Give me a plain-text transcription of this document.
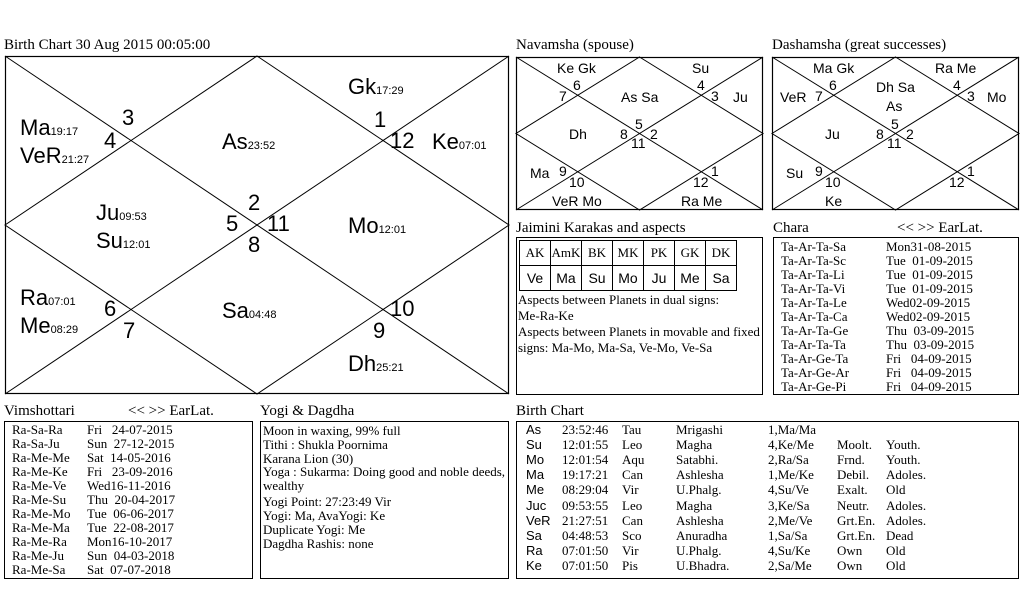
Birth Chart 30 Aug 2015 00:05:00
2
1
12
11
10
9
8
7
6
5
4
3
As23:52
Gk17:29
Ke07:01
Mo12:01
Dh25:21
Sa04:48
Ra07:01
Me08:29
Ju09:53
Su12:01
Ma19:17
VeR21:27
Navamsha (spouse)
Ke Gk	Su
As Sa	Ju
Dh
Ma
VeR Mo	Ra Me
6
7
4
3
5
8 2
11
9
10	12
1
Dashamsha (great successes)
Ma Gk	Ra Me
Dh Sa
As
VeR	Mo
Ju
Su
Ke
6
7
4
3
5
8 2
11
9
10	12
1
Jaimini Karakas and aspects
AK	AmK	BK	MK	PK	GK	DK
Ve	Ma	Su	Mo	Ju	Me	Sa
Aspects between Planets in dual signs:
Me-Ra-Ke
Aspects between Planets in movable and fixed signs: Ma-Mo, Ma-Sa, Ve-Mo, Ve-Sa
Chara	<< >> EarLat.
Ta-Ar-Ta-Sa	Mon31-08-2015
Ta-Ar-Ta-Sc	Tue  01-09-2015
Ta-Ar-Ta-Li	Tue  01-09-2015
Ta-Ar-Ta-Vi	Tue  01-09-2015
Ta-Ar-Ta-Le	Wed02-09-2015
Ta-Ar-Ta-Ca	Wed02-09-2015
Ta-Ar-Ta-Ge	Thu  03-09-2015
Ta-Ar-Ta-Ta	Thu  03-09-2015
Ta-Ar-Ge-Ta	Fri   04-09-2015
Ta-Ar-Ge-Ar	Fri   04-09-2015
Ta-Ar-Ge-Pi	Fri   04-09-2015
Vimshottari	<< >> EarLat.
Ra-Sa-Ra Fri   24-07-2015
Ra-Sa-Ju Sun  27-12-2015
Ra-Me-Me Sat  14-05-2016
Ra-Me-Ke Fri   23-09-2016
Ra-Me-Ve Wed16-11-2016
Ra-Me-Su Thu  20-04-2017
Ra-Me-Mo Tue  06-06-2017
Ra-Me-Ma Tue  22-08-2017
Ra-Me-Ra Mon16-10-2017
Ra-Me-Ju Sun  04-03-2018
Ra-Me-Sa Sat  07-07-2018
Yogi & Dagdha
Moon in waxing, 99% full
Tithi : Shukla Poornima
Karana Lion (30)
Yoga : Sukarma: Doing good and noble deeds, wealthy
Yogi Point: 27:23:49 Vir
Yogi: Ma, AvaYogi: Ke
Duplicate Yogi: Me
Dagdha Rashis: none
Birth Chart
As 23:52:46 Tau	Mrigashi	1,Ma/Ma
Su 12:01:55 Leo	Magha	4,Ke/Me Moolt. Youth.
Mo 12:01:54 Aqu Satabhi.	2,Ra/Sa Frnd. Youth.
Ma 19:17:21 Can	Ashlesha	1,Me/Ke Debil. Adoles.
Me 08:29:04 Vir	U.Phalg.	4,Su/Ve Exalt. Old
Juc 09:53:55 Leo	Magha	3,Ke/Sa Neutr. Adoles.
VeR 21:27:51 Can	Ashlesha	2,Me/Ve Grt.En. Adoles.
Sa 04:48:53 Sco	Anuradha	1,Sa/Sa Grt.En. Dead
Ra 07:01:50 Vir	U.Phalg.	4,Su/Ke Own Old
Ke 07:01:50 Pis	U.Bhadra.	2,Sa/Me Own Old
